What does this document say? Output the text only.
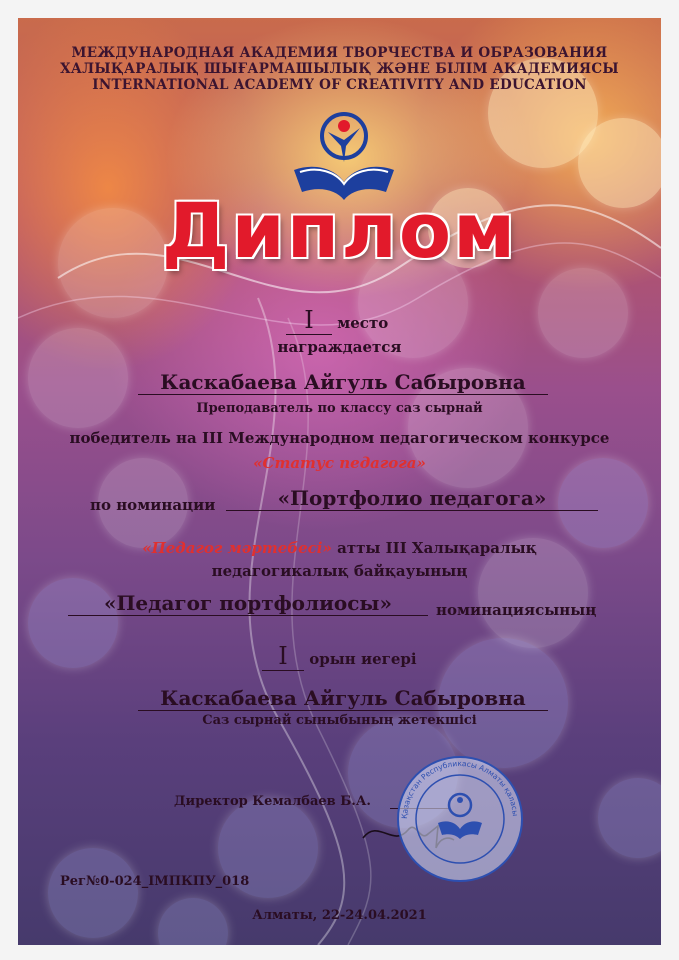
МЕЖДУНАРОДНАЯ АКАДЕМИЯ ТВОРЧЕСТВА И ОБРАЗОВАНИЯ
ХАЛЫҚАРАЛЫҚ ШЫҒАРМАШЫЛЫҚ ЖӘНЕ БІЛІМ АКАДЕМИЯСЫ
INTERNATIONAL ACADEMY OF CREATIVITY AND EDUCATION
Диплом
I место
награждается
Каскабаева Айгуль Сабыровна
Преподаватель по классу саз сырнай
победитель на III Международном педагогическом конкурсе
«Статус педагога»
по номинации	«Портфолио педагога»
«Педагог мәртебесі» атты III Халықаралық
педагогикалық байқауының
«Педагог портфолиосы»	номинациясының
I орын иегері
Каскабаева Айгуль Сабыровна
Саз сырнай сыныбының жетекшісі
Директор Кемалбаев Б.А.
Қазақстан Республикасы Алматы қаласы
Рег№0-024_IМПКПУ_018
Алматы, 22-24.04.2021
